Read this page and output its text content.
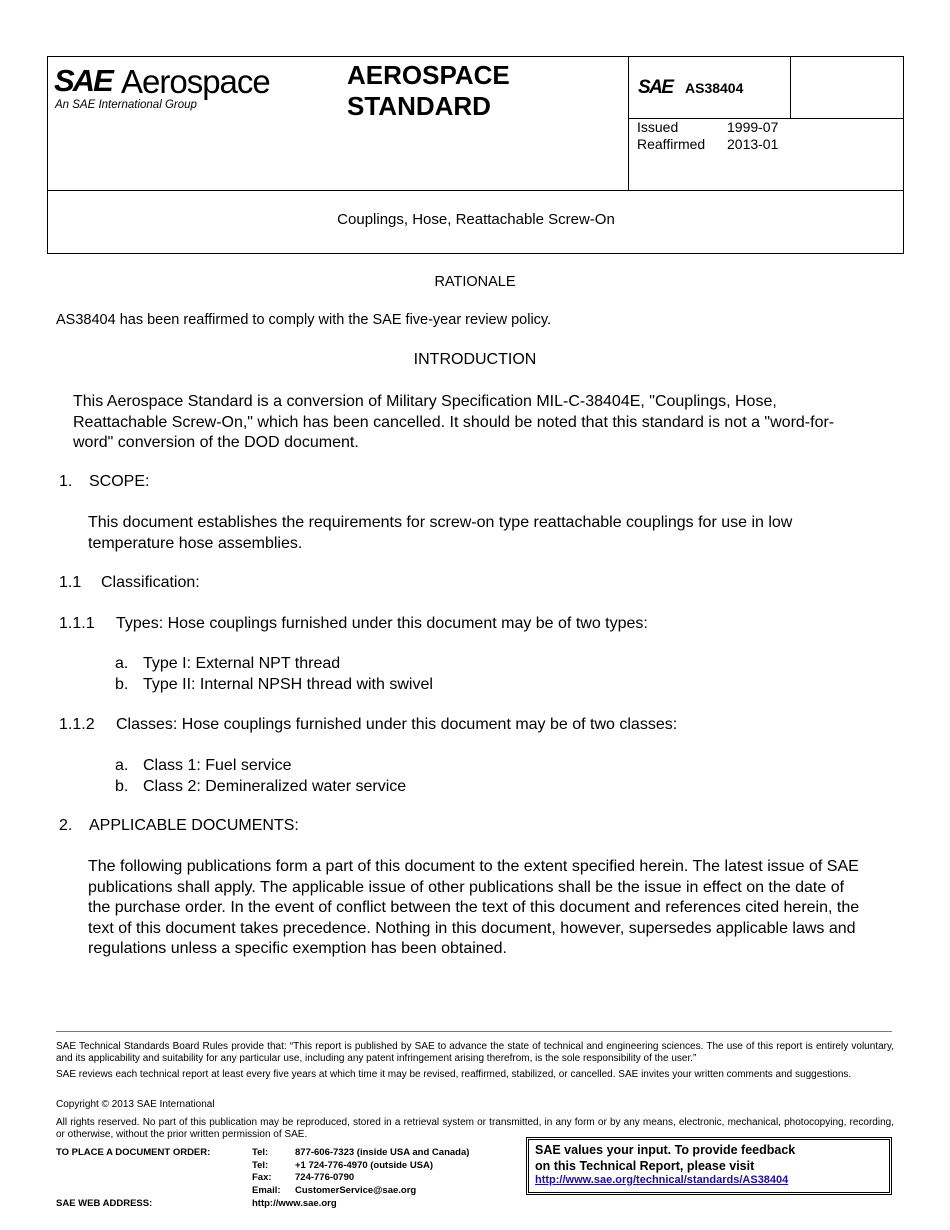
SAE Aerospace
An SAE International Group
AEROSPACE
STANDARD
SAE AS38404
Issued	1999-07
Reaffirmed	2013-01
Couplings, Hose, Reattachable Screw-On
RATIONALE
AS38404 has been reaffirmed to comply with the SAE five-year review policy.
INTRODUCTION
This Aerospace Standard is a conversion of Military Specification MIL-C-38404E, "Couplings, Hose, Reattachable Screw-On," which has been cancelled. It should be noted that this standard is not a "word-for-word" conversion of the DOD document.
1. SCOPE:
This document establishes the requirements for screw-on type reattachable couplings for use in low temperature hose assemblies.
1.1 Classification:
1.1.1 Types: Hose couplings furnished under this document may be of two types:
a. Type I: External NPT thread
b. Type II: Internal NPSH thread with swivel
1.1.2 Classes: Hose couplings furnished under this document may be of two classes:
a. Class 1: Fuel service
b. Class 2: Demineralized water service
2. APPLICABLE DOCUMENTS:
The following publications form a part of this document to the extent specified herein. The latest issue of SAE publications shall apply. The applicable issue of other publications shall be the issue in effect on the date of the purchase order. In the event of conflict between the text of this document and references cited herein, the text of this document takes precedence. Nothing in this document, however, supersedes applicable laws and regulations unless a specific exemption has been obtained.
SAE Technical Standards Board Rules provide that: “This report is published by SAE to advance the state of technical and engineering sciences. The use of this report is entirely voluntary, and its applicability and suitability for any particular use, including any patent infringement arising therefrom, is the sole responsibility of the user.”
SAE reviews each technical report at least every five years at which time it may be revised, reaffirmed, stabilized, or cancelled. SAE invites your written comments and suggestions.
Copyright © 2013 SAE International
All rights reserved. No part of this publication may be reproduced, stored in a retrieval system or transmitted, in any form or by any means, electronic, mechanical, photocopying, recording, or otherwise, without the prior written permission of SAE.
TO PLACE A DOCUMENT ORDER:	Tel:	877-606-7323 (inside USA and Canada)
Tel:	+1 724-776-4970 (outside USA)
Fax:	724-776-0790
Email:	CustomerService@sae.org
SAE WEB ADDRESS:	http://www.sae.org
SAE values your input. To provide feedback
on this Technical Report, please visit
http://www.sae.org/technical/standards/AS38404
